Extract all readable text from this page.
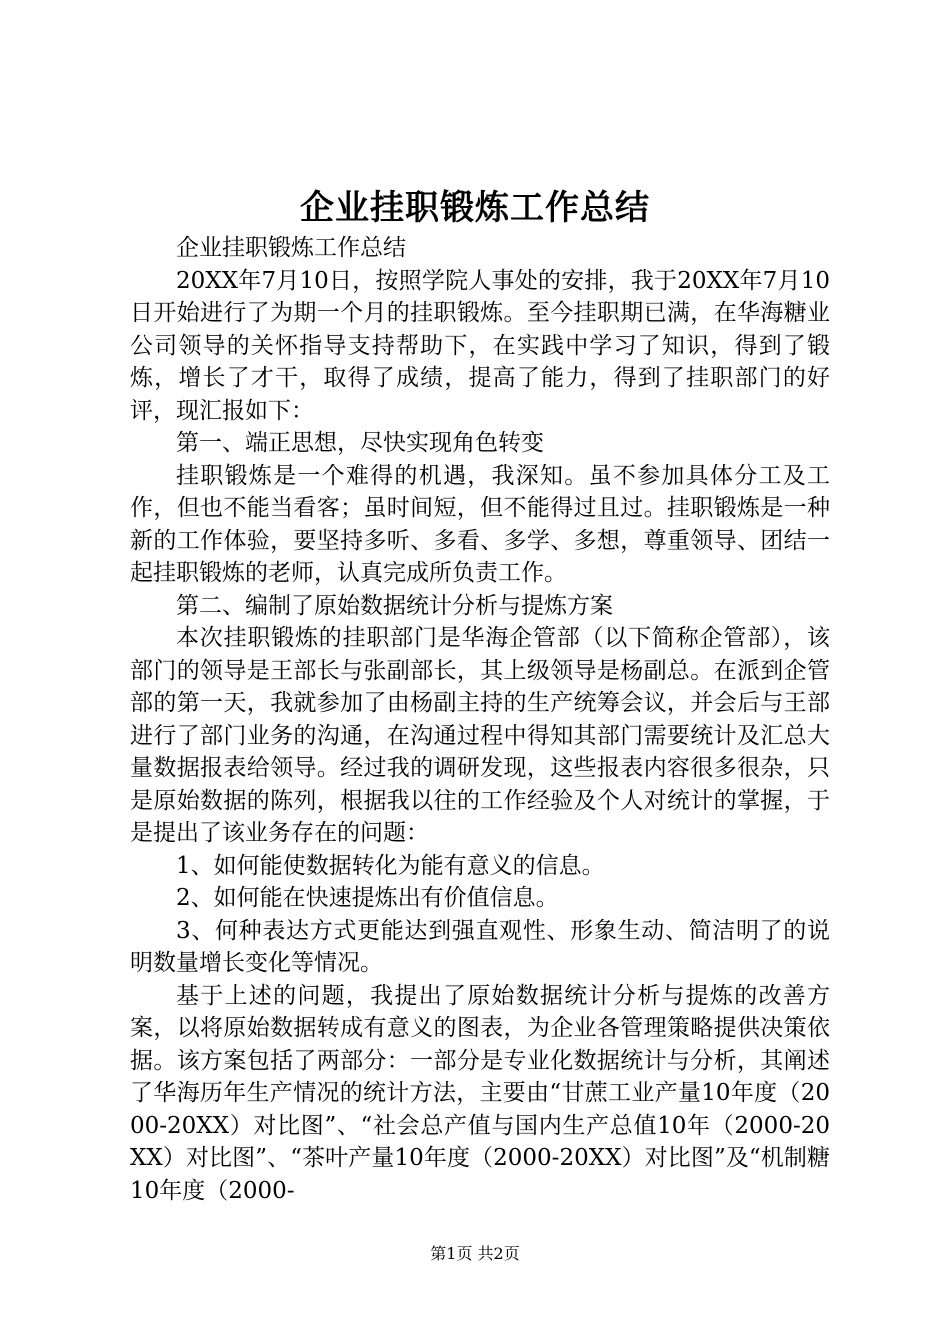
企业挂职锻炼工作总结

企业挂职锻炼工作总结

20XX年7月10日，按照学院人事处的安排，我于20XX年7月10日开始进行了为期一个月的挂职锻炼。至今挂职期已满，在华海糖业公司领导的关怀指导支持帮助下，在实践中学习了知识，得到了锻炼，增长了才干，取得了成绩，提高了能力，得到了挂职部门的好评，现汇报如下：

第一、端正思想，尽快实现角色转变

挂职锻炼是一个难得的机遇，我深知。虽不参加具体分工及工作，但也不能当看客；虽时间短，但不能得过且过。挂职锻炼是一种新的工作体验，要坚持多听、多看、多学、多想，尊重领导、团结一起挂职锻炼的老师，认真完成所负责工作。

第二、编制了原始数据统计分析与提炼方案

本次挂职锻炼的挂职部门是华海企管部（以下简称企管部），该部门的领导是王部长与张副部长，其上级领导是杨副总。在派到企管部的第一天，我就参加了由杨副主持的生产统筹会议，并会后与王部进行了部门业务的沟通，在沟通过程中得知其部门需要统计及汇总大量数据报表给领导。经过我的调研发现，这些报表内容很多很杂，只是原始数据的陈列，根据我以往的工作经验及个人对统计的掌握，于是提出了该业务存在的问题：

1、如何能使数据转化为能有意义的信息。

2、如何能在快速提炼出有价值信息。

3、何种表达方式更能达到强直观性、形象生动、简洁明了的说明数量增长变化等情况。

基于上述的问题，我提出了原始数据统计分析与提炼的改善方案，以将原始数据转成有意义的图表，为企业各管理策略提供决策依据。该方案包括了两部分：一部分是专业化数据统计与分析，其阐述了华海历年生产情况的统计方法，主要由“甘蔗工业产量10年度（2000-20XX）对比图”、“社会总产值与国内生产总值10年（2000-20XX）对比图”、“茶叶产量10年度（2000-20XX）对比图”及“机制糖10年度（2000-

第1页 共2页
